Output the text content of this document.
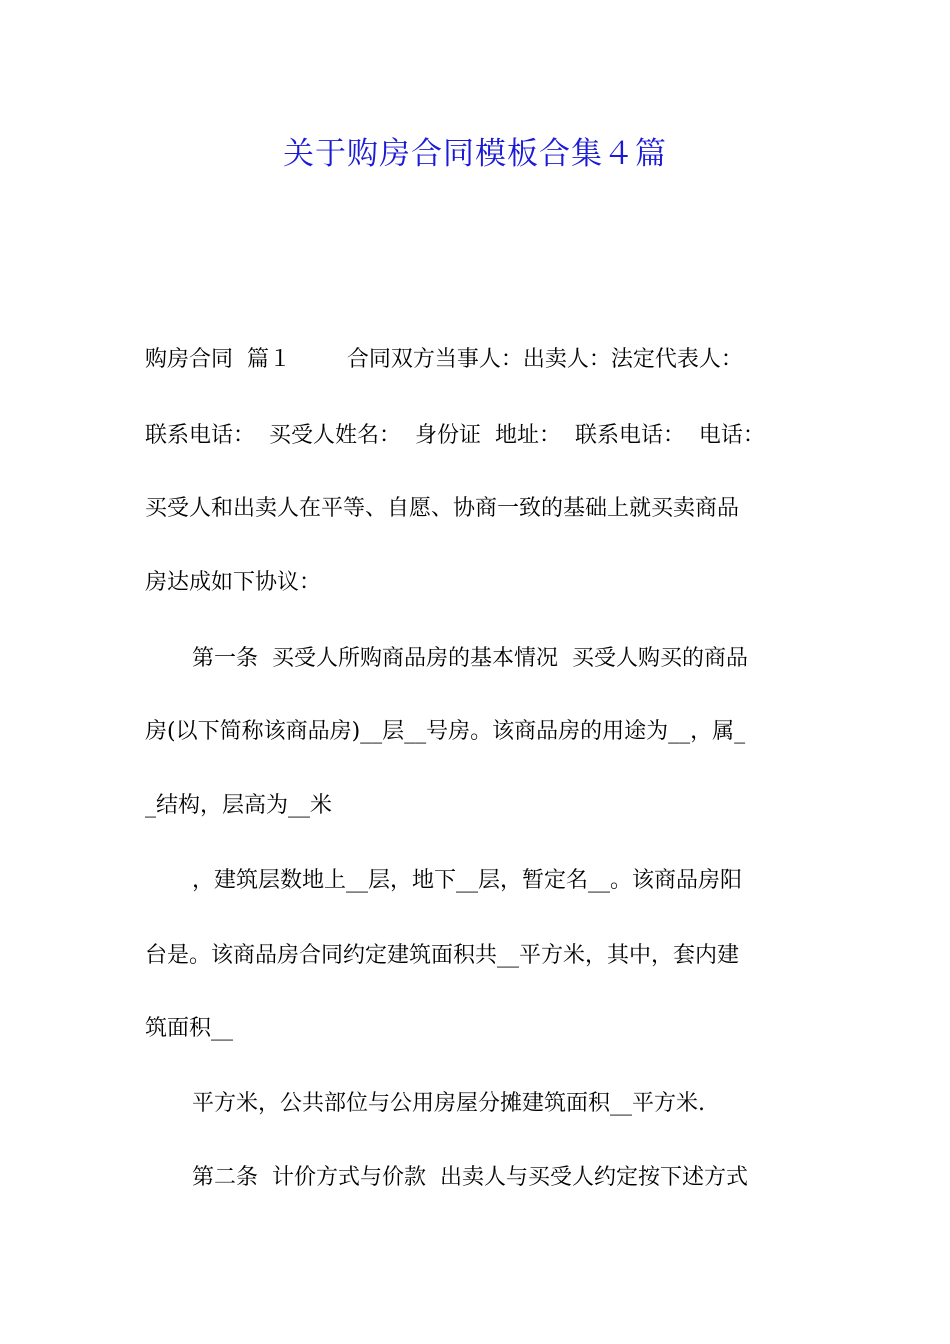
关于购房合同模板合集４篇
购房合同  篇１        合同双方当事人：出卖人：法定代表人：
联系电话：  买受人姓名：  身份证  地址：  联系电话：  电话：
买受人和出卖人在平等、自愿、协商一致的基础上就买卖商品
房达成如下协议：
第一条  买受人所购商品房的基本情况  买受人购买的商品
房(以下简称该商品房)__层__号房。该商品房的用途为__，属_
_结构，层高为__米
，建筑层数地上__层，地下__层，暂定名__。该商品房阳
台是。该商品房合同约定建筑面积共__平方米，其中，套内建
筑面积__
平方米，公共部位与公用房屋分摊建筑面积__平方米.
第二条  计价方式与价款  出卖人与买受人约定按下述方式
